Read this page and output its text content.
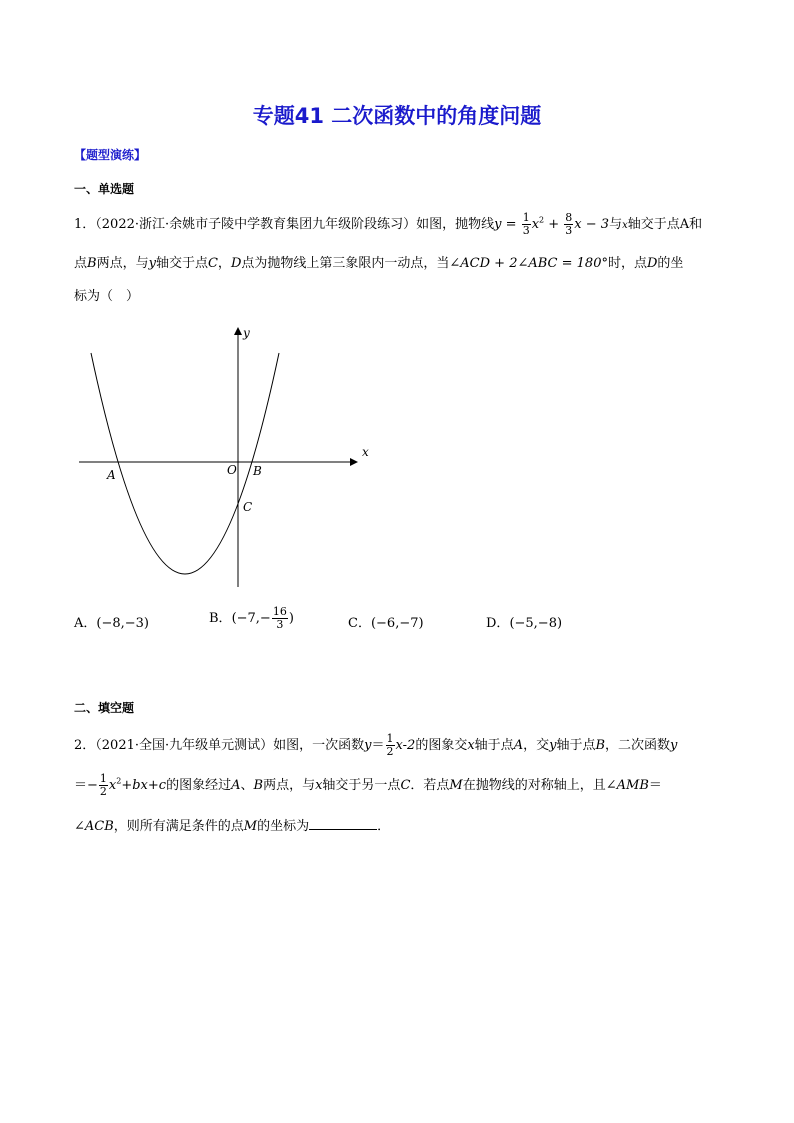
专题41 二次函数中的角度问题
【题型演练】
一、单选题
1．（2022·浙江·余姚市子陵中学教育集团九年级阶段练习）如图，抛物线$y = \frac{1}{3} x^2 + \frac{8}{3}$ x − 3与x轴交于点A和
点B两点，与y轴交于点C，D点为抛物线上第三象限内一动点，当∠ACD + 2∠ABC = 180°时，点D的坐
标为（　）
x
y
O
A	B
C
A．(−8,−3)	B．($-7,- \frac{16}{3}$ )	C．(−6,−7)	D．(−5,−8)
二、填空题
2．（2021·全国·九年级单元测试）如图，一次函数$y= \frac{1}{2} x-2$的图象交x轴于点A，交y轴于点B，二次函数y
＝− $\frac{1}{2} x^2+bx+c$的图象经过A、B两点，与x轴交于另一点C．若点M在抛物线的对称轴上，且∠AMB＝
∠ACB，则所有满足条件的点M的坐标为	．
